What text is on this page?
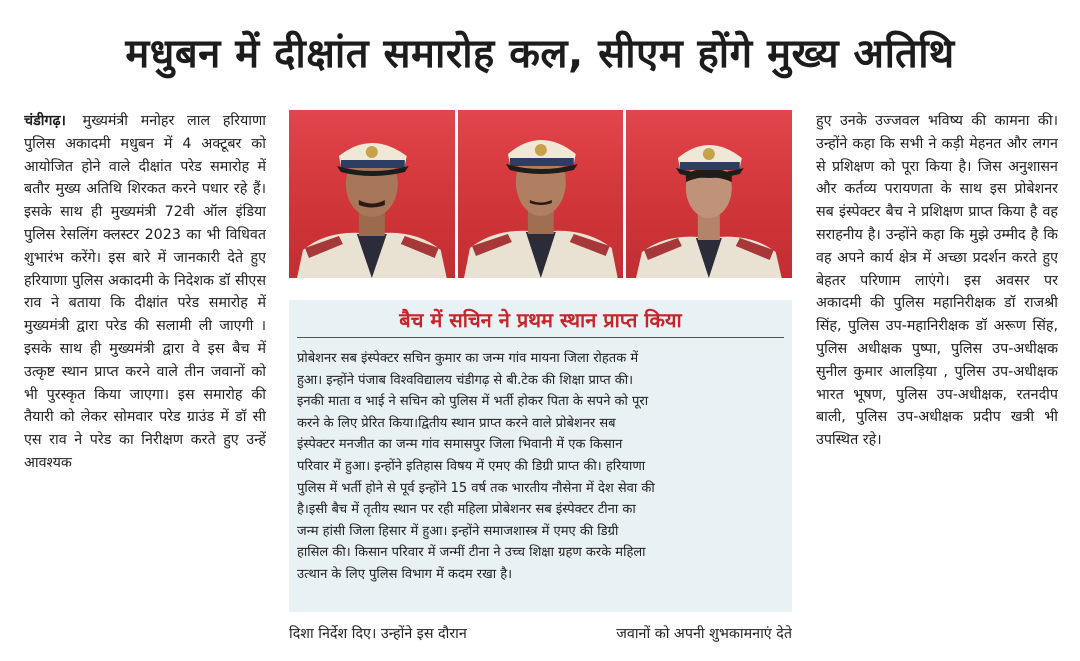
मधुबन में दीक्षांत समारोह कल, सीएम होंगे मुख्य अतिथि
चंडीगढ़। मुख्यमंत्री मनोहर लाल हरियाणा पुलिस अकादमी मधुबन में 4 अक्टूबर को आयोजित होने वाले दीक्षांत परेड समारोह में बतौर मुख्य अतिथि शिरकत करने पधार रहे हैं। इसके साथ ही मुख्यमंत्री 72वी ऑल इंडिया पुलिस रेसलिंग क्लस्टर 2023 का भी विधिवत शुभारंभ करेंगे। इस बारे में जानकारी देते हुए हरियाणा पुलिस अकादमी के निदेशक डॉ सीएस राव ने बताया कि दीक्षांत परेड समारोह में मुख्यमंत्री द्वारा परेड की सलामी ली जाएगी । इसके साथ ही मुख्यमंत्री द्वारा वे इस बैच में उत्कृष्ट स्थान प्राप्त करने वाले तीन जवानों को भी पुरस्कृत किया जाएगा। इस समारोह की तैयारी को लेकर सोमवार परेड ग्राउंड में डॉ सी एस राव ने परेड का निरीक्षण करते हुए उन्हें आवश्यक
बैच में सचिन ने प्रथम स्थान प्राप्त किया
प्रोबेशनर सब इंस्पेक्टर सचिन कुमार का जन्म गांव मायना जिला रोहतक में
हुआ। इन्होंने पंजाब विश्वविद्यालय चंडीगढ़ से बी.टेक की शिक्षा प्राप्त की।
इनकी माता व भाई ने सचिन को पुलिस में भर्ती होकर पिता के सपने को पूरा
करने के लिए प्रेरित किया।द्वितीय स्थान प्राप्त करने वाले प्रोबेशनर सब
इंस्पेक्टर मनजीत का जन्म गांव समासपुर जिला भिवानी में एक किसान
परिवार में हुआ। इन्होंने इतिहास विषय में एमए की डिग्री प्राप्त की। हरियाणा
पुलिस में भर्ती होने से पूर्व इन्होंने 15 वर्ष तक भारतीय नौसेना में देश सेवा की
है।इसी बैच में तृतीय स्थान पर रही महिला प्रोबेशनर सब इंस्पेक्टर टीना का
जन्म हांसी जिला हिसार में हुआ। इन्होंने समाजशास्त्र में एमए की डिग्री
हासिल की। किसान परिवार में जन्मीं टीना ने उच्च शिक्षा ग्रहण करके महिला
उत्थान के लिए पुलिस विभाग में कदम रखा है।
दिशा निर्देश दिए। उन्होंने इस दौरान	जवानों को अपनी शुभकामनाएं देते
हुए उनके उज्जवल भविष्य की कामना की। उन्होंने कहा कि सभी ने कड़ी मेहनत और लगन से प्रशिक्षण को पूरा किया है। जिस अनुशासन और कर्तव्य परायणता के साथ इस प्रोबेशनर सब इंस्पेक्टर बैच ने प्रशिक्षण प्राप्त किया है वह सराहनीय है। उन्होंने कहा कि मुझे उम्मीद है कि वह अपने कार्य क्षेत्र में अच्छा प्रदर्शन करते हुए बेहतर परिणाम लाएंगे। इस अवसर पर अकादमी की पुलिस महानिरीक्षक डॉ राजश्री सिंह, पुलिस उप-महानिरीक्षक डॉ अरूण सिंह, पुलिस अधीक्षक पुष्पा, पुलिस उप-अधीक्षक सुनील कुमार आलड़िया , पुलिस उप-अधीक्षक भारत भूषण, पुलिस उप-अधीक्षक, रतनदीप बाली, पुलिस उप-अधीक्षक प्रदीप खत्री भी उपस्थित रहे।
